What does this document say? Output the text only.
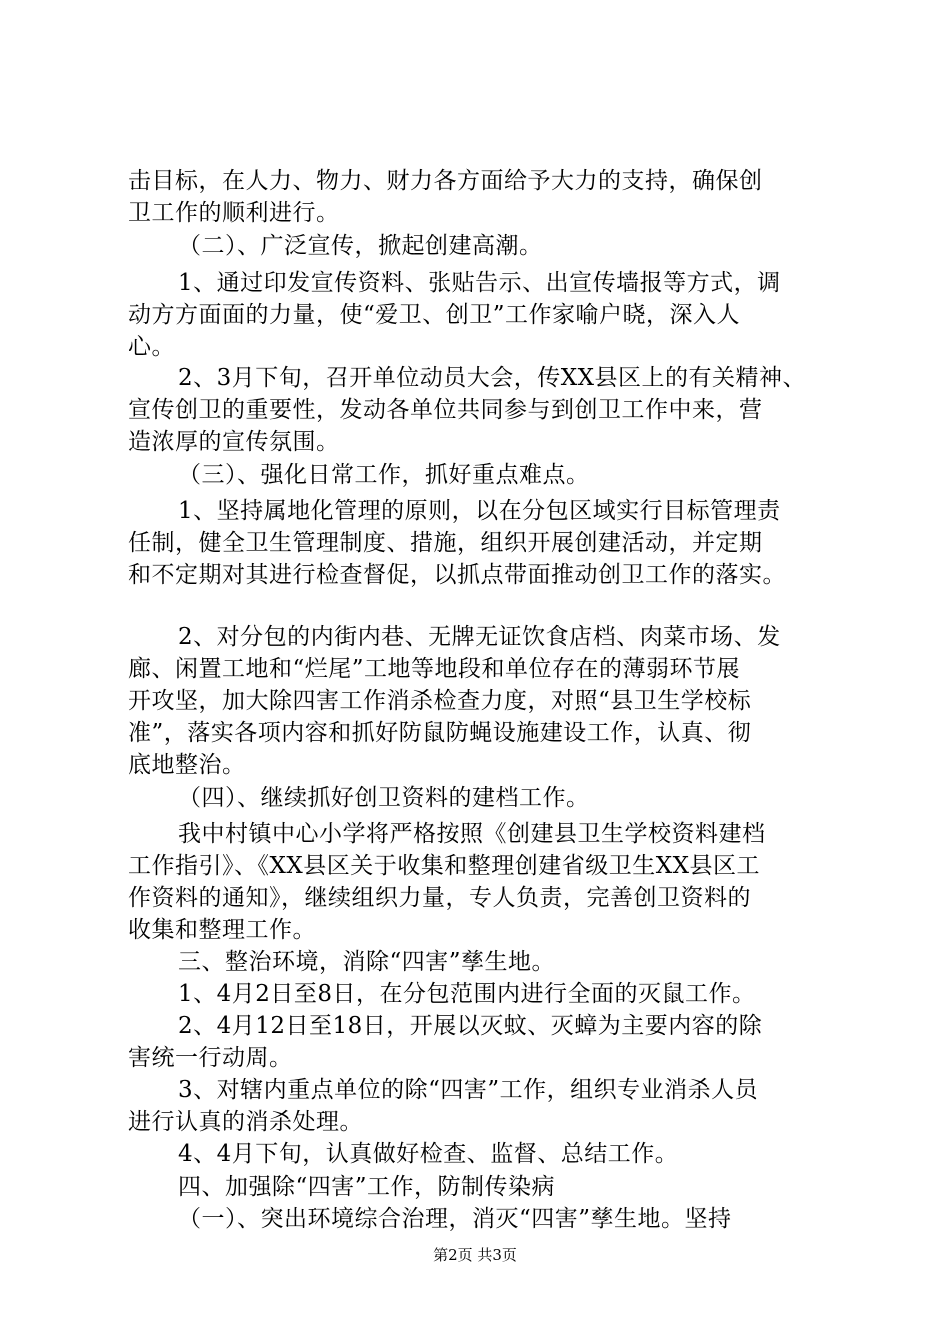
击目标，在人力、物力、财力各方面给予大力的支持，确保创
卫工作的顺利进行。
（二）、广泛宣传，掀起创建高潮。
1、通过印发宣传资料、张贴告示、出宣传墙报等方式，调
动方方面面的力量，使“爱卫、创卫”工作家喻户晓，深入人
心。
2、3月下旬，召开单位动员大会，传XX县区上的有关精神、
宣传创卫的重要性，发动各单位共同参与到创卫工作中来，营
造浓厚的宣传氛围。
（三）、强化日常工作，抓好重点难点。
1、坚持属地化管理的原则，以在分包区域实行目标管理责
任制，健全卫生管理制度、措施，组织开展创建活动，并定期
和不定期对其进行检查督促，以抓点带面推动创卫工作的落实。
2、对分包的内街内巷、无牌无证饮食店档、肉菜市场、发
廊、闲置工地和“烂尾”工地等地段和单位存在的薄弱环节展
开攻坚，加大除四害工作消杀检查力度，对照“县卫生学校标
准”，落实各项内容和抓好防鼠防蝇设施建设工作，认真、彻
底地整治。
（四）、继续抓好创卫资料的建档工作。
我中村镇中心小学将严格按照《创建县卫生学校资料建档
工作指引》、《XX县区关于收集和整理创建省级卫生XX县区工
作资料的通知》，继续组织力量，专人负责，完善创卫资料的
收集和整理工作。
三、整治环境，消除“四害”孳生地。
1、4月2日至8日，在分包范围内进行全面的灭鼠工作。
2、4月12日至18日，开展以灭蚊、灭蟑为主要内容的除
害统一行动周。
3、对辖内重点单位的除“四害”工作，组织专业消杀人员
进行认真的消杀处理。
4、4月下旬，认真做好检查、监督、总结工作。
四、加强除“四害”工作，防制传染病
（一）、突出环境综合治理，消灭“四害”孳生地。坚持
第2页 共3页
